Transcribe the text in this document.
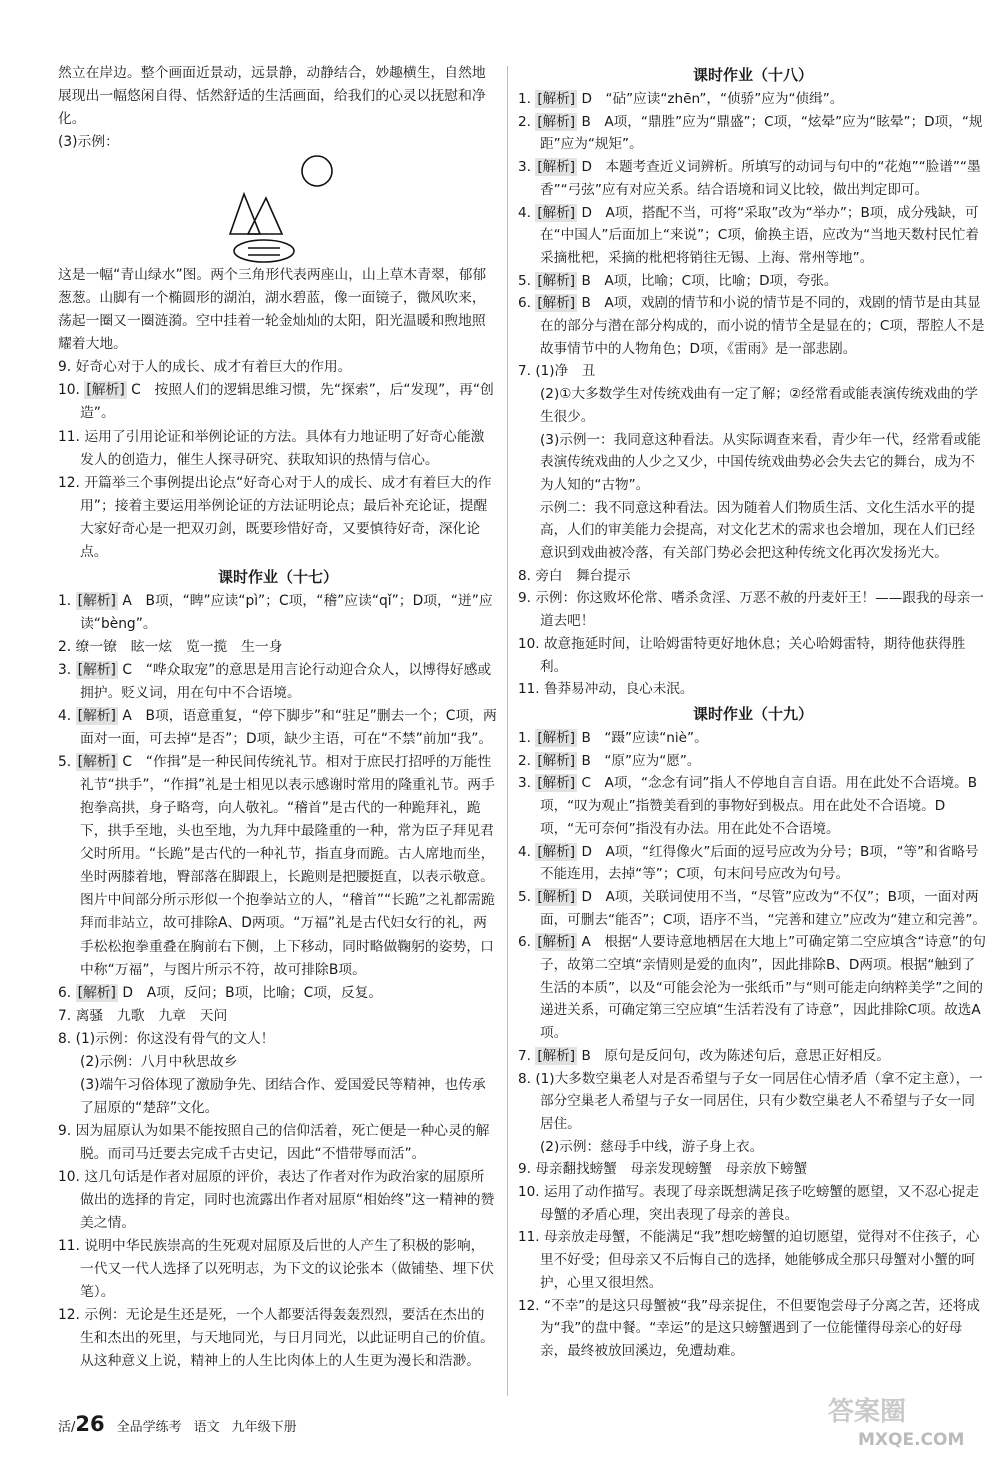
然立在岸边。整个画面近景动，远景静，动静结合，妙趣横生，自然地展现出一幅悠闲自得、恬然舒适的生活画面，给我们的心灵以抚慰和净化。

(3)示例：

这是一幅“青山绿水”图。两个三角形代表两座山，山上草木青翠，郁郁葱葱。山脚有一个椭圆形的湖泊，湖水碧蓝，像一面镜子，微风吹来，荡起一圈又一圈涟漪。空中挂着一轮金灿灿的太阳，阳光温暖和煦地照耀着大地。

9. 好奇心对于人的成长、成才有着巨大的作用。

10. [解析] C　按照人们的逻辑思维习惯，先“探索”，后“发现”，再“创造”。

11. 运用了引用论证和举例论证的方法。具体有力地证明了好奇心能激发人的创造力，催生人探寻研究、获取知识的热情与信心。

12. 开篇举三个事例提出论点“好奇心对于人的成长、成才有着巨大的作用”；接着主要运用举例论证的方法证明论点；最后补充论证，提醒大家好奇心是一把双刃剑，既要珍惜好奇，又要慎待好奇，深化论点。

课时作业（十七）

1. [解析] A　B项，“睥”应读“pì”；C项，“稽”应读“qǐ”；D项，“迸”应读“bèng”。

2. 缭一镣　眩一炫　览一揽　生一身

3. [解析] C　“哗众取宠”的意思是用言论行动迎合众人，以博得好感或拥护。贬义词，用在句中不合语境。

4. [解析] A　B项，语意重复，“停下脚步”和“驻足”删去一个；C项，两面对一面，可去掉“是否”；D项，缺少主语，可在“不禁”前加“我”。

5. [解析] C　“作揖”是一种民间传统礼节。相对于庶民打招呼的万能性礼节“拱手”，“作揖”礼是士相见以表示感谢时常用的隆重礼节。两手抱拳高拱，身子略弯，向人敬礼。“稽首”是古代的一种跪拜礼，跪下，拱手至地，头也至地，为九拜中最隆重的一种，常为臣子拜见君父时所用。“长跪”是古代的一种礼节，指直身而跪。古人席地而坐，坐时两膝着地，臀部落在脚跟上，长跪则是把腰挺直，以表示敬意。图片中间部分所示形似一个抱拳站立的人，“稽首”“长跪”之礼都需跪拜而非站立，故可排除A、D两项。“万福”礼是古代妇女行的礼，两手松松抱拳重叠在胸前右下侧，上下移动，同时略做鞠躬的姿势，口中称“万福”，与图片所示不符，故可排除B项。

6. [解析] D　A项，反问；B项，比喻；C项，反复。

7. 离骚　九歌　九章　天问

8. (1)示例：你这没有骨气的文人！
(2)示例：八月中秋思故乡
(3)端午习俗体现了激励争先、团结合作、爱国爱民等精神，也传承了屈原的“楚辞”文化。

9. 因为屈原认为如果不能按照自己的信仰活着，死亡便是一种心灵的解脱。而司马迁要去完成千古史记，因此“不惜带辱而活”。

10. 这几句话是作者对屈原的评价，表达了作者对作为政治家的屈原所做出的选择的肯定，同时也流露出作者对屈原“相始终”这一精神的赞美之情。

11. 说明中华民族崇高的生死观对屈原及后世的人产生了积极的影响，一代又一代人选择了以死明志，为下文的议论张本（做铺垫、埋下伏笔）。

12. 示例：无论是生还是死，一个人都要活得轰轰烈烈，要活在杰出的生和杰出的死里，与天地同光，与日月同光，以此证明自己的价值。从这种意义上说，精神上的人生比肉体上的人生更为漫长和浩渺。

课时作业（十八）

1. [解析] D　“砧”应读“zhēn”，“侦骄”应为“侦缉”。

2. [解析] B　A项，“鼎胜”应为“鼎盛”；C项，“炫晕”应为“眩晕”；D项，“规距”应为“规矩”。

3. [解析] D　本题考查近义词辨析。所填写的动词与句中的“花炮”“脸谱”“墨香”“弓弦”应有对应关系。结合语境和词义比较，做出判定即可。

4. [解析] D　A项，搭配不当，可将“采取”改为“举办”；B项，成分残缺，可在“中国人”后面加上“来说”；C项，偷换主语，应改为“当地天数村民忙着采摘枇杷，采摘的枇杷将销往无锡、上海、常州等地”。

5. [解析] B　A项，比喻；C项，比喻；D项，夸张。

6. [解析] B　A项，戏剧的情节和小说的情节是不同的，戏剧的情节是由其显在的部分与潜在部分构成的，而小说的情节全是显在的；C项，帮腔人不是故事情节中的人物角色；D项，《雷雨》是一部悲剧。

7. (1)净　丑
(2)①大多数学生对传统戏曲有一定了解；②经常看或能表演传统戏曲的学生很少。
(3)示例一：我同意这种看法。从实际调查来看，青少年一代，经常看或能表演传统戏曲的人少之又少，中国传统戏曲势必会失去它的舞台，成为不为人知的“古物”。
示例二：我不同意这种看法。因为随着人们物质生活、文化生活水平的提高，人们的审美能力会提高，对文化艺术的需求也会增加，现在人们已经意识到戏曲被冷落，有关部门势必会把这种传统文化再次发扬光大。

8. 旁白　舞台提示

9. 示例：你这败坏伦常、嗜杀贪淫、万恶不赦的丹麦奸王！——跟我的母亲一道去吧！

10. 故意拖延时间，让哈姆雷特更好地休息；关心哈姆雷特，期待他获得胜利。

11. 鲁莽易冲动，良心未泯。

课时作业（十九）

1. [解析] B　“蹑”应读“niè”。

2. [解析] B　“原”应为“愿”。

3. [解析] C　A项，“念念有词”指人不停地自言自语。用在此处不合语境。B项，“叹为观止”指赞美看到的事物好到极点。用在此处不合语境。D项，“无可奈何”指没有办法。用在此处不合语境。

4. [解析] D　A项，“红得像火”后面的逗号应改为分号；B项，“等”和省略号不能连用，去掉“等”；C项，句末问号应改为句号。

5. [解析] D　A项，关联词使用不当，“尽管”应改为“不仅”；B项，一面对两面，可删去“能否”；C项，语序不当，“完善和建立”应改为“建立和完善”。

6. [解析] A　根据“人要诗意地栖居在大地上”可确定第二空应填含“诗意”的句子，故第二空填“亲情则是爱的血肉”，因此排除B、D两项。根据“触到了生活的本质”，以及“可能会沦为一张纸币”与“则可能走向纳粹美学”之间的递进关系，可确定第三空应填“生活若没有了诗意”，因此排除C项。故选A项。

7. [解析] B　原句是反问句，改为陈述句后，意思正好相反。

8. (1)大多数空巢老人对是否希望与子女一同居住心情矛盾（拿不定主意），一部分空巢老人希望与子女一同居住，只有少数空巢老人不希望与子女一同居住。
(2)示例：慈母手中线，游子身上衣。

9. 母亲翻找螃蟹　母亲发现螃蟹　母亲放下螃蟹

10. 运用了动作描写。表现了母亲既想满足孩子吃螃蟹的愿望，又不忍心捉走母蟹的矛盾心理，突出表现了母亲的善良。

11. 母亲放走母蟹，不能满足“我”想吃螃蟹的迫切愿望，觉得对不住孩子，心里不好受；但母亲又不后悔自己的选择，她能够成全那只母蟹对小蟹的呵护，心里又很坦然。

12. “不幸”的是这只母蟹被“我”母亲捉住，不但要饱尝母子分离之苦，还将成为“我”的盘中餐。“幸运”的是这只螃蟹遇到了一位能懂得母亲心的好母亲，最终被放回溪边，免遭劫难。

活/26 全品学练考 语文 九年级下册
答案圈
MXQE.COM
